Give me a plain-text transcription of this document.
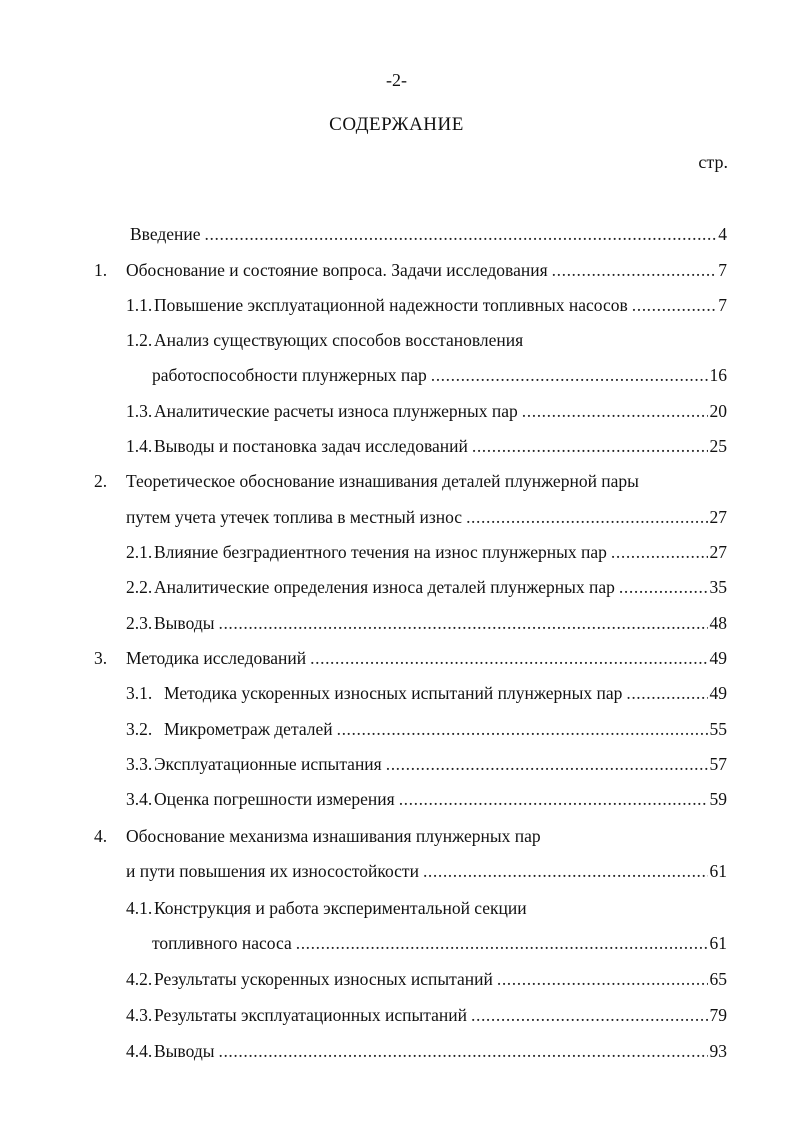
-2-
СОДЕРЖАНИЕ
стр.
Введение .....	4
1. Обоснование и состояние вопроса. Задачи исследования .....	7
1.1. Повышение эксплуатационной надежности топливных насосов .....	7
1.2. Анализ существующих способов восстановления
работоспособности плунжерных пар .....	16
1.3. Аналитические расчеты износа плунжерных пар .....	20
1.4. Выводы и постановка задач исследований .....	25
2. Теоретическое обоснование изнашивания деталей плунжерной пары
путем учета утечек топлива в местный износ .....	27
2.1. Влияние безградиентного течения на износ плунжерных пар .....	27
2.2. Аналитические определения износа деталей плунжерных пар .....	35
2.3. Выводы .....	48
3. Методика исследований .....	49
3.1. Методика ускоренных износных испытаний плунжерных пар .....	49
3.2. Микрометраж деталей .....	55
3.3. Эксплуатационные испытания .....	57
3.4. Оценка погрешности измерения .....	59
4. Обоснование механизма изнашивания плунжерных пар
и пути повышения их износостойкости .....	61
4.1. Конструкция и работа экспериментальной секции
топливного насоса .....	61
4.2. Результаты ускоренных износных испытаний .....	65
4.3. Результаты эксплуатационных испытаний .....	79
4.4. Выводы .....	93
